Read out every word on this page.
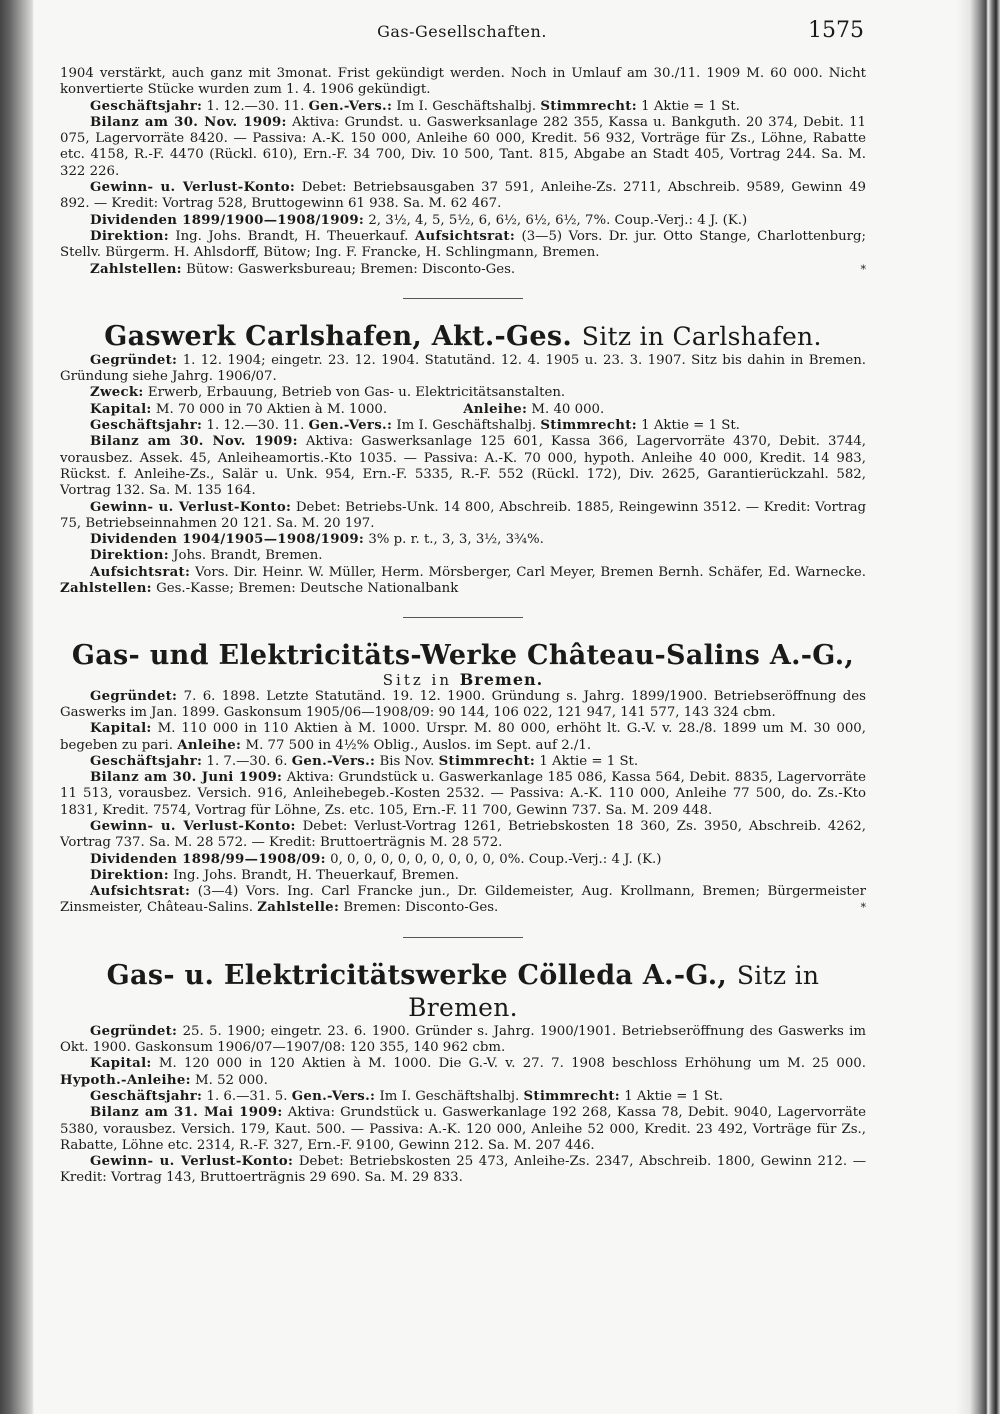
Gas-Gesellschaften.	1575

1904 verstärkt, auch ganz mit 3monat. Frist gekündigt werden. Noch in Umlauf am 30./11. 1909 M. 60 000. Nicht konvertierte Stücke wurden zum 1. 4. 1906 gekündigt.

Geschäftsjahr: 1. 12.—30. 11. Gen.-Vers.: Im I. Geschäftshalbj. Stimmrecht: 1 Aktie = 1 St.

Bilanz am 30. Nov. 1909: Aktiva: Grundst. u. Gaswerksanlage 282 355, Kassa u. Bankguth. 20 374, Debit. 11 075, Lagervorräte 8420. — Passiva: A.-K. 150 000, Anleihe 60 000, Kredit. 56 932, Vorträge für Zs., Löhne, Rabatte etc. 4158, R.-F. 4470 (Rückl. 610), Ern.-F. 34 700, Div. 10 500, Tant. 815, Abgabe an Stadt 405, Vortrag 244. Sa. M. 322 226.

Gewinn- u. Verlust-Konto: Debet: Betriebsausgaben 37 591, Anleihe-Zs. 2711, Abschreib. 9589, Gewinn 49 892. — Kredit: Vortrag 528, Bruttogewinn 61 938. Sa. M. 62 467.

Dividenden 1899/1900—1908/1909: 2, 3½, 4, 5, 5½, 6, 6½, 6½, 6½, 7%. Coup.-Verj.: 4 J. (K.)

Direktion: Ing. Johs. Brandt, H. Theuerkauf. Aufsichtsrat: (3—5) Vors. Dr. jur. Otto Stange, Charlottenburg; Stellv. Bürgerm. H. Ahlsdorff, Bütow; Ing. F. Francke, H. Schlingmann, Bremen.

Zahlstellen: Bütow: Gaswerksbureau; Bremen: Disconto-Ges.	*

Gaswerk Carlshafen, Akt.-Ges. Sitz in Carlshafen.

Gegründet: 1. 12. 1904; eingetr. 23. 12. 1904. Statutänd. 12. 4. 1905 u. 23. 3. 1907. Sitz bis dahin in Bremen. Gründung siehe Jahrg. 1906/07.

Zweck: Erwerb, Erbauung, Betrieb von Gas- u. Elektricitätsanstalten.

Kapital: M. 70 000 in 70 Aktien à M. 1000.	Anleihe: M. 40 000.

Geschäftsjahr: 1. 12.—30. 11. Gen.-Vers.: Im I. Geschäftshalbj. Stimmrecht: 1 Aktie = 1 St.

Bilanz am 30. Nov. 1909: Aktiva: Gaswerksanlage 125 601, Kassa 366, Lagervorräte 4370, Debit. 3744, vorausbez. Assek. 45, Anleiheamortis.-Kto 1035. — Passiva: A.-K. 70 000, hypoth. Anleihe 40 000, Kredit. 14 983, Rückst. f. Anleihe-Zs., Salär u. Unk. 954, Ern.-F. 5335, R.-F. 552 (Rückl. 172), Div. 2625, Garantierückzahl. 582, Vortrag 132. Sa. M. 135 164.

Gewinn- u. Verlust-Konto: Debet: Betriebs-Unk. 14 800, Abschreib. 1885, Reingewinn 3512. — Kredit: Vortrag 75, Betriebseinnahmen 20 121. Sa. M. 20 197.

Dividenden 1904/1905—1908/1909: 3% p. r. t., 3, 3, 3½, 3¾%.

Direktion: Johs. Brandt, Bremen.

Aufsichtsrat: Vors. Dir. Heinr. W. Müller, Herm. Mörsberger, Carl Meyer, Bremen Bernh. Schäfer, Ed. Warnecke. Zahlstellen: Ges.-Kasse; Bremen: Deutsche Nationalbank

Gas- und Elektricitäts-Werke Château-Salins A.-G.,

Sitz in Bremen.

Gegründet: 7. 6. 1898. Letzte Statutänd. 19. 12. 1900. Gründung s. Jahrg. 1899/1900. Betriebseröffnung des Gaswerks im Jan. 1899. Gaskonsum 1905/06—1908/09: 90 144, 106 022, 121 947, 141 577, 143 324 cbm.

Kapital: M. 110 000 in 110 Aktien à M. 1000. Urspr. M. 80 000, erhöht lt. G.-V. v. 28./8. 1899 um M. 30 000, begeben zu pari. Anleihe: M. 77 500 in 4½% Oblig., Auslos. im Sept. auf 2./1.

Geschäftsjahr: 1. 7.—30. 6. Gen.-Vers.: Bis Nov. Stimmrecht: 1 Aktie = 1 St.

Bilanz am 30. Juni 1909: Aktiva: Grundstück u. Gaswerkanlage 185 086, Kassa 564, Debit. 8835, Lagervorräte 11 513, vorausbez. Versich. 916, Anleihebegeb.-Kosten 2532. — Passiva: A.-K. 110 000, Anleihe 77 500, do. Zs.-Kto 1831, Kredit. 7574, Vortrag für Löhne, Zs. etc. 105, Ern.-F. 11 700, Gewinn 737. Sa. M. 209 448.

Gewinn- u. Verlust-Konto: Debet: Verlust-Vortrag 1261, Betriebskosten 18 360, Zs. 3950, Abschreib. 4262, Vortrag 737. Sa. M. 28 572. — Kredit: Bruttoerträgnis M. 28 572.

Dividenden 1898/99—1908/09: 0, 0, 0, 0, 0, 0, 0, 0, 0, 0, 0%. Coup.-Verj.: 4 J. (K.)

Direktion: Ing. Johs. Brandt, H. Theuerkauf, Bremen.

Aufsichtsrat: (3—4) Vors. Ing. Carl Francke jun., Dr. Gildemeister, Aug. Krollmann, Bremen; Bürgermeister Zinsmeister, Château-Salins. Zahlstelle: Bremen: Disconto-Ges.	*

Gas- u. Elektricitätswerke Cölleda A.-G., Sitz in Bremen.

Gegründet: 25. 5. 1900; eingetr. 23. 6. 1900. Gründer s. Jahrg. 1900/1901. Betriebseröffnung des Gaswerks im Okt. 1900. Gaskonsum 1906/07—1907/08: 120 355, 140 962 cbm.

Kapital: M. 120 000 in 120 Aktien à M. 1000. Die G.-V. v. 27. 7. 1908 beschloss Erhöhung um M. 25 000. Hypoth.-Anleihe: M. 52 000.

Geschäftsjahr: 1. 6.—31. 5. Gen.-Vers.: Im I. Geschäftshalbj. Stimmrecht: 1 Aktie = 1 St.

Bilanz am 31. Mai 1909: Aktiva: Grundstück u. Gaswerkanlage 192 268, Kassa 78, Debit. 9040, Lagervorräte 5380, vorausbez. Versich. 179, Kaut. 500. — Passiva: A.-K. 120 000, Anleihe 52 000, Kredit. 23 492, Vorträge für Zs., Rabatte, Löhne etc. 2314, R.-F. 327, Ern.-F. 9100, Gewinn 212. Sa. M. 207 446.

Gewinn- u. Verlust-Konto: Debet: Betriebskosten 25 473, Anleihe-Zs. 2347, Abschreib. 1800, Gewinn 212. — Kredit: Vortrag 143, Bruttoerträgnis 29 690. Sa. M. 29 833.
